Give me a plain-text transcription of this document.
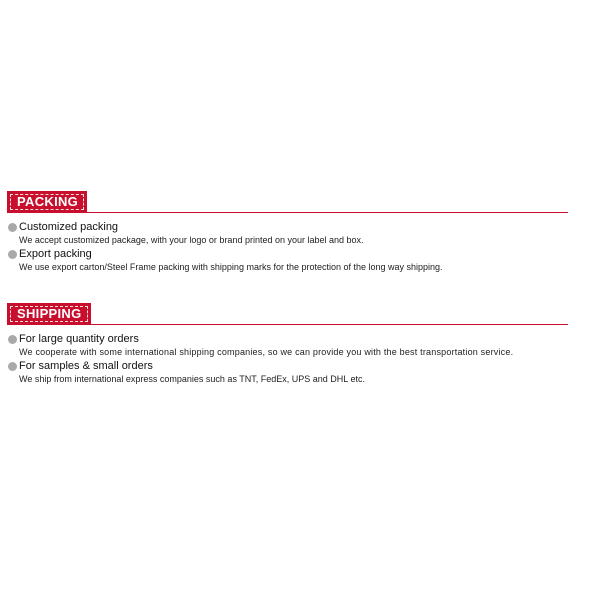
PACKING
Customized packing
We accept customized package, with your logo or brand printed on your label and box.
Export packing
We use export carton/Steel Frame packing with shipping marks for the protection of the long way shipping.
SHIPPING
For large quantity orders
We cooperate with some international shipping companies, so we can provide you with the best transportation service.
For samples & small orders
We ship from international express companies such as TNT, FedEx, UPS and DHL etc.
